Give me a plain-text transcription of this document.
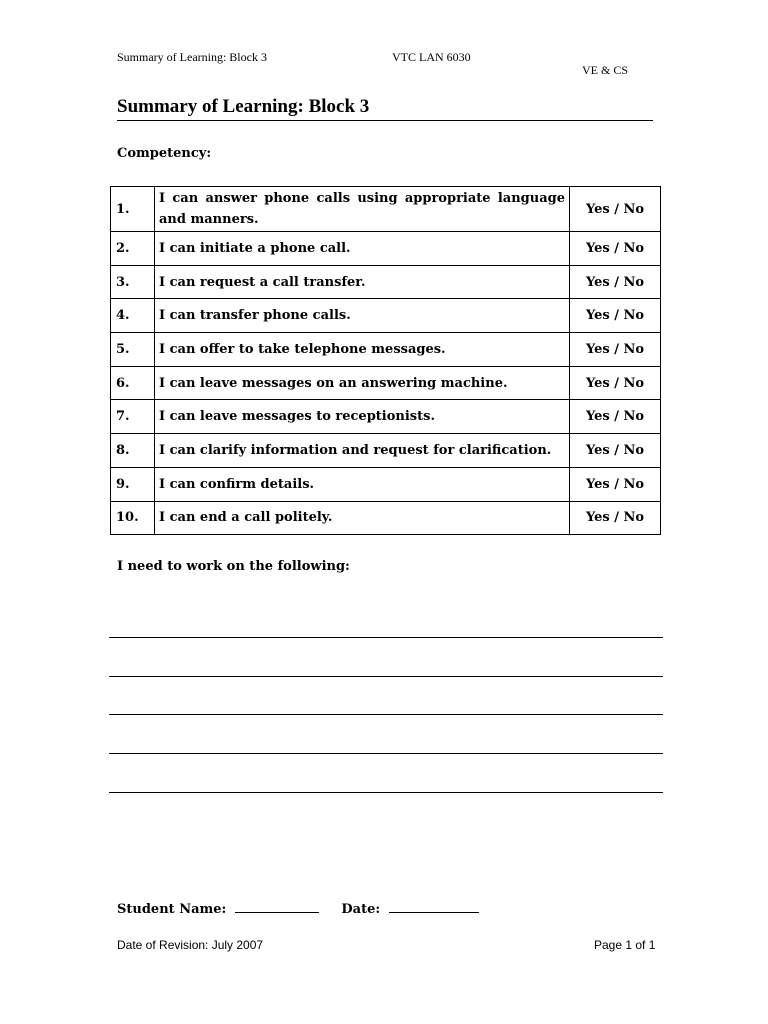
Summary of Learning: Block 3	VTC LAN 6030
VE & CS
Summary of Learning: Block 3
Competency:
1.	I can answer phone calls using appropriate language and manners.	Yes / No
2.	I can initiate a phone call.	Yes / No
3.	I can request a call transfer.	Yes / No
4.	I can transfer phone calls.	Yes / No
5.	I can offer to take telephone messages.	Yes / No
6.	I can leave messages on an answering machine.	Yes / No
7.	I can leave messages to receptionists.	Yes / No
8.	I can clarify information and request for clarification.	Yes / No
9.	I can confirm details.	Yes / No
10.	I can end a call politely.	Yes / No
I need to work on the following:
Student Name:	Date:
Date of Revision: July 2007	Page 1 of 1
